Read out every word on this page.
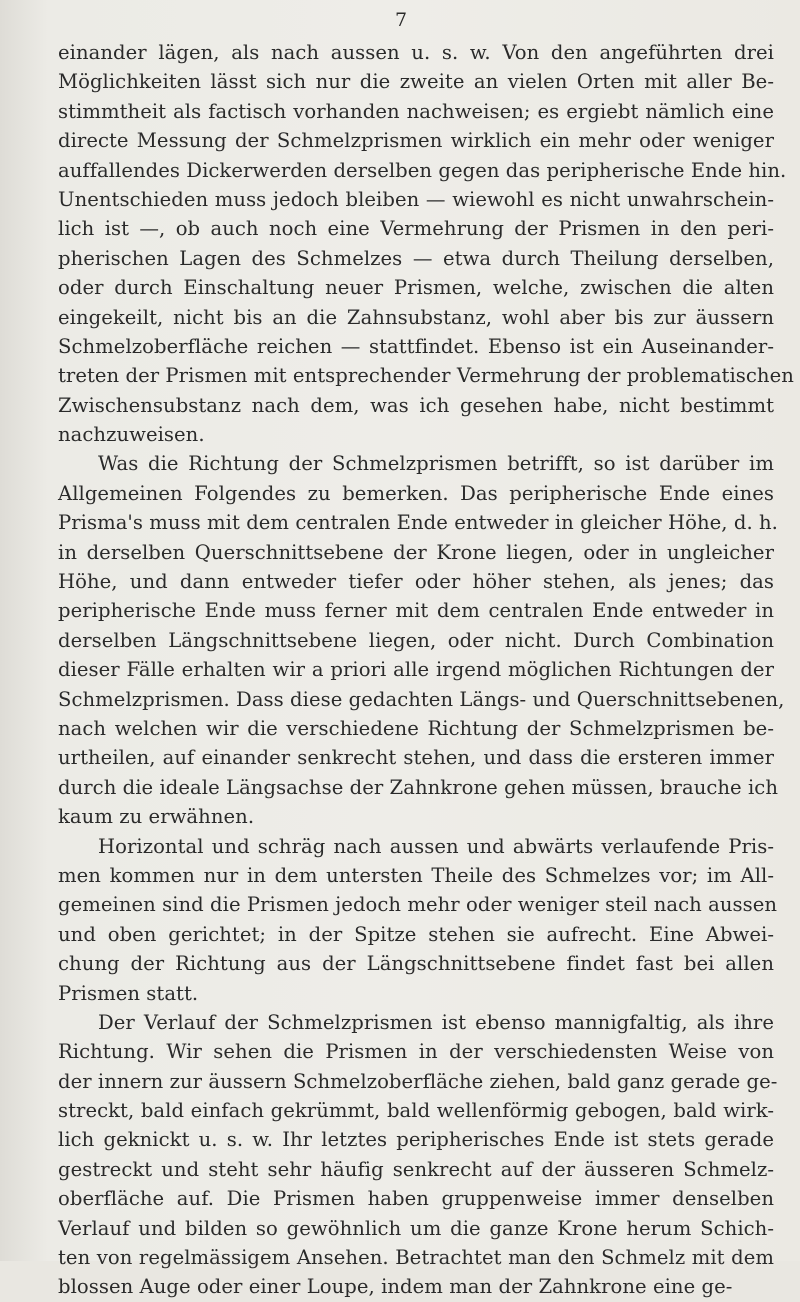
7
einander lägen, als nach aussen u. s. w. Von den angeführten drei
Möglichkeiten lässt sich nur die zweite an vielen Orten mit aller Be-
stimmtheit als factisch vorhanden nachweisen; es ergiebt nämlich eine
directe Messung der Schmelzprismen wirklich ein mehr oder weniger
auffallendes Dickerwerden derselben gegen das peripherische Ende hin.
Unentschieden muss jedoch bleiben — wiewohl es nicht unwahrschein-
lich ist —, ob auch noch eine Vermehrung der Prismen in den peri-
pherischen Lagen des Schmelzes — etwa durch Theilung derselben,
oder durch Einschaltung neuer Prismen, welche, zwischen die alten
eingekeilt, nicht bis an die Zahnsubstanz, wohl aber bis zur äussern
Schmelzoberfläche reichen — stattfindet. Ebenso ist ein Auseinander-
treten der Prismen mit entsprechender Vermehrung der problematischen
Zwischensubstanz nach dem, was ich gesehen habe, nicht bestimmt
nachzuweisen.
Was die Richtung der Schmelzprismen betrifft, so ist darüber im
Allgemeinen Folgendes zu bemerken. Das peripherische Ende eines
Prisma's muss mit dem centralen Ende entweder in gleicher Höhe, d. h.
in derselben Querschnittsebene der Krone liegen, oder in ungleicher
Höhe, und dann entweder tiefer oder höher stehen, als jenes; das
peripherische Ende muss ferner mit dem centralen Ende entweder in
derselben Längschnittsebene liegen, oder nicht. Durch Combination
dieser Fälle erhalten wir a priori alle irgend möglichen Richtungen der
Schmelzprismen. Dass diese gedachten Längs- und Querschnittsebenen,
nach welchen wir die verschiedene Richtung der Schmelzprismen be-
urtheilen, auf einander senkrecht stehen, und dass die ersteren immer
durch die ideale Längsachse der Zahnkrone gehen müssen, brauche ich
kaum zu erwähnen.
Horizontal und schräg nach aussen und abwärts verlaufende Pris-
men kommen nur in dem untersten Theile des Schmelzes vor; im All-
gemeinen sind die Prismen jedoch mehr oder weniger steil nach aussen
und oben gerichtet; in der Spitze stehen sie aufrecht. Eine Abwei-
chung der Richtung aus der Längschnittsebene findet fast bei allen
Prismen statt.
Der Verlauf der Schmelzprismen ist ebenso mannigfaltig, als ihre
Richtung. Wir sehen die Prismen in der verschiedensten Weise von
der innern zur äussern Schmelzoberfläche ziehen, bald ganz gerade ge-
streckt, bald einfach gekrümmt, bald wellenförmig gebogen, bald wirk-
lich geknickt u. s. w. Ihr letztes peripherisches Ende ist stets gerade
gestreckt und steht sehr häufig senkrecht auf der äusseren Schmelz-
oberfläche auf. Die Prismen haben gruppenweise immer denselben
Verlauf und bilden so gewöhnlich um die ganze Krone herum Schich-
ten von regelmässigem Ansehen. Betrachtet man den Schmelz mit dem
blossen Auge oder einer Loupe, indem man der Zahnkrone eine ge-
